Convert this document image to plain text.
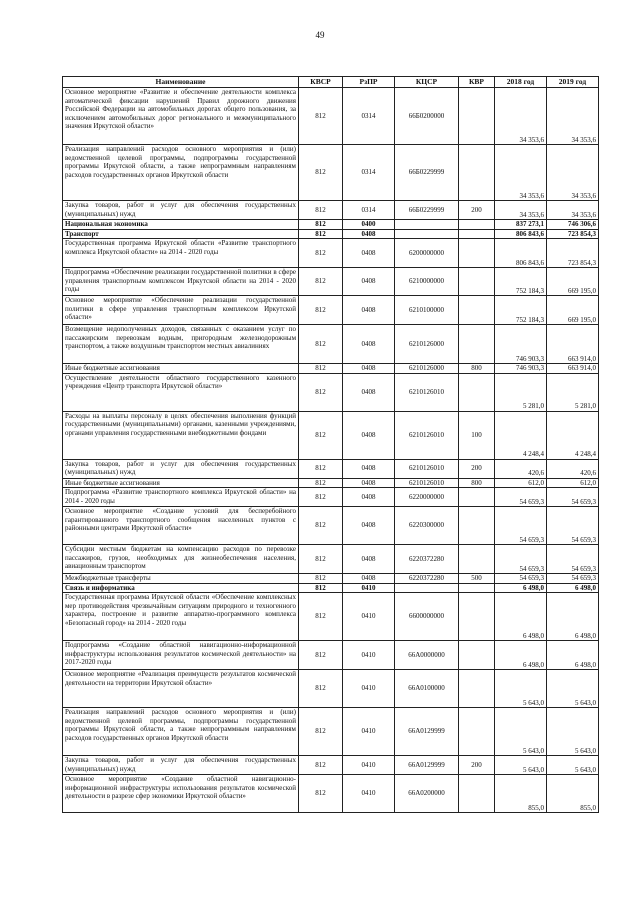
49
Наименование	КВСР	РзПР	КЦСР	КВР	2018 год	2019 год
Основное мероприятие «Развитие и обеспечение деятельности комплекса автоматической фиксации нарушений Правил дорожного движения Российской Федерации на автомобильных дорогах общего пользования, за исключением автомобильных дорог регионального и межмуниципального значения Иркутской области»	812	0314	66Б0200000		34 353,6	34 353,6
Реализация направлений расходов основного мероприятия и (или) ведомственной целевой программы, подпрограммы государственной программы Иркутской области, а также непрограммным направлениям расходов государственных органов Иркутской области	812	0314	66Б0229999		34 353,6	34 353,6
Закупка товаров, работ и услуг для обеспечения государственных (муниципальных) нужд	812	0314	66Б0229999	200	34 353,6	34 353,6
Национальная экономика	812	0400			837 273,1	746 306,6
Транспорт	812	0408			806 843,6	723 854,3
Государственная программа Иркутской области «Развитие транспортного комплекса Иркутской области» на 2014 - 2020 годы	812	0408	6200000000		806 843,6	723 854,3
Подпрограмма «Обеспечение реализации государственной политики в сфере управления транспортным комплексом Иркутской области на 2014 - 2020 годы	812	0408	6210000000		752 184,3	669 195,0
Основное мероприятие «Обеспечение реализации государственной политики в сфере управления транспортным комплексом Иркутской области»	812	0408	6210100000		752 184,3	669 195,0
Возмещение недополученных доходов, связанных с оказанием услуг по пассажирским перевозкам водным, пригородным железнодорожным транспортом, а также воздушным транспортом местных авиалиниях	812	0408	6210126000		746 903,3	663 914,0
Иные бюджетные ассигнования	812	0408	6210126000	800	746 903,3	663 914,0
Осуществление деятельности областного государственного казенного учреждения «Центр транспорта Иркутской области»	812	0408	6210126010		5 281,0	5 281,0
Расходы на выплаты персоналу в целях обеспечения выполнения функций государственными (муниципальными) органами, казенными учреждениями, органами управления государственными внебюджетными фондами	812	0408	6210126010	100	4 248,4	4 248,4
Закупка товаров, работ и услуг для обеспечения государственных (муниципальных) нужд	812	0408	6210126010	200	420,6	420,6
Иные бюджетные ассигнования	812	0408	6210126010	800	612,0	612,0
Подпрограмма «Развитие транспортного комплекса Иркутской области» на 2014 - 2020 годы	812	0408	6220000000		54 659,3	54 659,3
Основное мероприятие «Создание условий для бесперебойного гарантированного транспортного сообщения населенных пунктов с районными центрами Иркутской области»	812	0408	6220300000		54 659,3	54 659,3
Субсидии местным бюджетам на компенсацию расходов по перевозке пассажиров, грузов, необходимых для жизнеобеспечения населения, авиационным транспортом	812	0408	6220372280		54 659,3	54 659,3
Межбюджетные трансферты	812	0408	6220372280	500	54 659,3	54 659,3
Связь и информатика	812	0410			6 498,0	6 498,0
Государственная программа Иркутской области «Обеспечение комплексных мер противодействия чрезвычайным ситуациям природного и техногенного характера, построение и развитие аппаратно-программного комплекса «Безопасный город» на 2014 - 2020 годы	812	0410	6600000000		6 498,0	6 498,0
Подпрограмма «Создание областной навигационно-информационной инфраструктуры использования результатов космической деятельности» на 2017-2020 годы	812	0410	66А0000000		6 498,0	6 498,0
Основное мероприятие «Реализация преимуществ результатов космической деятельности на территории Иркутской области»	812	0410	66А0100000		5 643,0	5 643,0
Реализация направлений расходов основного мероприятия и (или) ведомственной целевой программы, подпрограммы государственной программы Иркутской области, а также непрограммным направлениям расходов государственных органов Иркутской области	812	0410	66А0129999		5 643,0	5 643,0
Закупка товаров, работ и услуг для обеспечения государственных (муниципальных) нужд	812	0410	66А0129999	200	5 643,0	5 643,0
Основное мероприятие «Создание областной навигационно-информационной инфраструктуры использования результатов космической деятельности в разрезе сфер экономики Иркутской области»	812	0410	66А0200000		855,0	855,0
